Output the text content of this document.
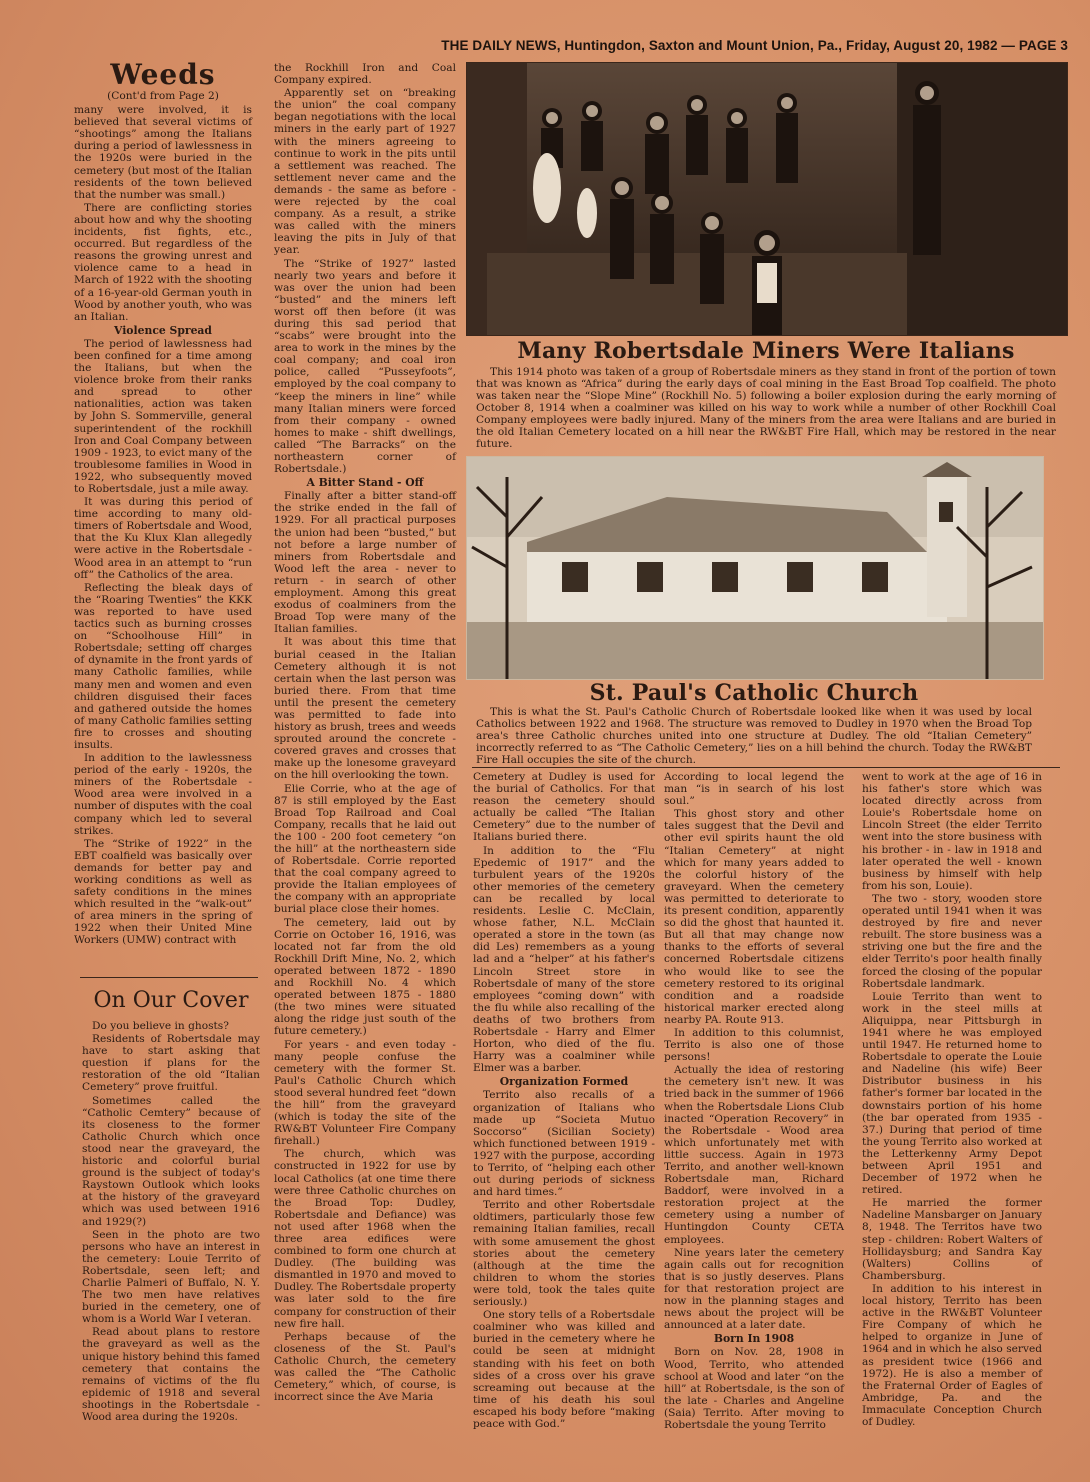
THE DAILY NEWS, Huntingdon, Saxton and Mount Union, Pa., Friday, August 20, 1982 — PAGE 3
Weeds
(Cont'd from Page 2)

many were involved, it is believed that several victims of “shootings” among the Italians during a period of lawlessness in the 1920s were buried in the cemetery (but most of the Italian residents of the town believed that the number was small.)

There are conflicting stories about how and why the shooting incidents, fist fights, etc., occurred. But regardless of the reasons the growing unrest and violence came to a head in March of 1922 with the shooting of a 16-year-old German youth in Wood by another youth, who was an Italian.

Violence Spread

The period of lawlessness had been confined for a time among the Italians, but when the violence broke from their ranks and spread to other nationalities, action was taken by John S. Sommerville, general superintendent of the rockhill Iron and Coal Company between 1909 - 1923, to evict many of the troublesome families in Wood in 1922, who subsequently moved to Robertsdale, just a mile away.

It was during this period of time according to many old-timers of Robertsdale and Wood, that the Ku Klux Klan allegedly were active in the Robertsdale - Wood area in an attempt to “run off” the Catholics of the area.

Reflecting the bleak days of the “Roaring Twenties” the KKK was reported to have used tactics such as burning crosses on “Schoolhouse Hill” in Robertsdale; setting off charges of dynamite in the front yards of many Catholic families, while many men and women and even children disguised their faces and gathered outside the homes of many Catholic families setting fire to crosses and shouting insults.

In addition to the lawlessness period of the early - 1920s, the miners of the Robertsdale - Wood area were involved in a number of disputes with the coal company which led to several strikes.

The “Strike of 1922” in the EBT coalfield was basically over demands for better pay and working conditions as well as safety conditions in the mines which resulted in the “walk-out” of area miners in the spring of 1922 when their United Mine Workers (UMW) contract with

On Our Cover

Do you believe in ghosts?

Residents of Robertsdale may have to start asking that question if plans for the restoration of the old “Italian Cemetery” prove fruitful.

Sometimes called the “Catholic Cemtery” because of its closeness to the former Catholic Church which once stood near the graveyard, the historic and colorful burial ground is the subject of today's Raystown Outlook which looks at the history of the graveyard which was used between 1916 and 1929(?)

Seen in the photo are two persons who have an interest in the cemetery: Louie Territo of Robertsdale, seen left; and Charlie Palmeri of Buffalo, N. Y. The two men have relatives buried in the cemetery, one of whom is a World War I veteran.

Read about plans to restore the graveyard as well as the unique history behind this famed cemetery that contains the remains of victims of the flu epidemic of 1918 and several shootings in the Robertsdale - Wood area during the 1920s.

the Rockhill Iron and Coal Company expired.

Apparently set on “breaking the union” the coal company began negotiations with the local miners in the early part of 1927 with the miners agreeing to continue to work in the pits until a settlement was reached. The settlement never came and the demands - the same as before - were rejected by the coal company. As a result, a strike was called with the miners leaving the pits in July of that year.

The “Strike of 1927” lasted nearly two years and before it was over the union had been “busted” and the miners left worst off then before (it was during this sad period that “scabs” were brought into the area to work in the mines by the coal company; and coal iron police, called “Pusseyfoots”, employed by the coal company to “keep the miners in line” while many Italian miners were forced from their company - owned homes to make - shift dwellings, called “The Barracks” on the northeastern corner of Robertsdale.)

A Bitter Stand - Off

Finally after a bitter stand-off the strike ended in the fall of 1929. For all practical purposes the union had been “busted,” but not before a large number of miners from Robertsdale and Wood left the area - never to return - in search of other employment. Among this great exodus of coalminers from the Broad Top were many of the Italian families.

It was about this time that burial ceased in the Italian Cemetery although it is not certain when the last person was buried there. From that time until the present the cemetery was permitted to fade into history as brush, trees and weeds sprouted around the concrete - covered graves and crosses that make up the lonesome graveyard on the hill overlooking the town.

Elie Corrie, who at the age of 87 is still employed by the East Broad Top Railroad and Coal Company, recalls that he laid out the 100 - 200 foot cemetery “on the hill” at the northeastern side of Robertsdale. Corrie reported that the coal company agreed to provide the Italian employees of the company with an appropriate burial place close their homes.

The cemetery, laid out by Corrie on October 16, 1916, was located not far from the old Rockhill Drift Mine, No. 2, which operated between 1872 - 1890 and Rockhill No. 4 which operated between 1875 - 1880 (the two mines were situated along the ridge just south of the future cemetery.)

For years - and even today - many people confuse the cemetery with the former St. Paul's Catholic Church which stood several hundred feet “down the hill” from the graveyard (which is today the site of the RW&BT Volunteer Fire Company firehall.)

The church, which was constructed in 1922 for use by local Catholics (at one time there were three Catholic churches on the Broad Top: Dudley, Robertsdale and Defiance) was not used after 1968 when the three area edifices were combined to form one church at Dudley. (The building was dismantled in 1970 and moved to Dudley. The Robertsdale property was later sold to the fire company for construction of their new fire hall.

Perhaps because of the closeness of the St. Paul's Catholic Church, the cemetery was called the “The Catholic Cemetery,” which, of course, is incorrect since the Ave Maria

Many Robertsdale Miners Were Italians

This 1914 photo was taken of a group of Robertsdale miners as they stand in front of the portion of town that was known as “Africa” during the early days of coal mining in the East Broad Top coalfield. The photo was taken near the “Slope Mine” (Rockhill No. 5) following a boiler explosion during the early morning of October 8, 1914 when a coalminer was killed on his way to work while a number of other Rockhill Coal Company employees were badly injured. Many of the miners from the area were Italians and are buried in the old Italian Cemetery located on a hill near the RW&BT Fire Hall, which may be restored in the near future.

St. Paul's Catholic Church

This is what the St. Paul's Catholic Church of Robertsdale looked like when it was used by local Catholics between 1922 and 1968. The structure was removed to Dudley in 1970 when the Broad Top area's three Catholic churches united into one structure at Dudley. The old “Italian Cemetery” incorrectly referred to as “The Catholic Cemetery,” lies on a hill behind the church. Today the RW&BT Fire Hall occupies the site of the church.

Cemetery at Dudley is used for the burial of Catholics. For that reason the cemetery should actually be called “The Italian Cemetery” due to the number of Italians buried there.

In addition to the “Flu Epedemic of 1917” and the turbulent years of the 1920s other memories of the cemetery can be recalled by local residents. Leslie C. McClain, whose father, N.L. McClain operated a store in the town (as did Les) remembers as a young lad and a “helper” at his father's Lincoln Street store in Robertsdale of many of the store employees “coming down” with the flu while also recalling of the deaths of two brothers from Robertsdale - Harry and Elmer Horton, who died of the flu. Harry was a coalminer while Elmer was a barber.

Organization Formed

Territo also recalls of a organization of Italians who made up “Societa Mutuo Soccorso” (Sicilian Society) which functioned between 1919 - 1927 with the purpose, according to Territo, of “helping each other out during periods of sickness and hard times.”

Territo and other Robertsdale oldtimers, particularly those few remaining Italian families, recall with some amusement the ghost stories about the cemetery (although at the time the children to whom the stories were told, took the tales quite seriously.)

One story tells of a Robertsdale coalminer who was killed and buried in the cemetery where he could be seen at midnight standing with his feet on both sides of a cross over his grave screaming out because at the time of his death his soul escaped his body before “making peace with God.”

According to local legend the man “is in search of his lost soul.”

This ghost story and other tales suggest that the Devil and other evil spirits haunt the old “Italian Cemetery” at night which for many years added to the colorful history of the graveyard. When the cemetery was permitted to deteriorate to its present condition, apparently so did the ghost that haunted it. But all that may change now thanks to the efforts of several concerned Robertsdale citizens who would like to see the cemetery restored to its original condition and a roadside historical marker erected along nearby PA. Route 913.

In addition to this columnist, Territo is also one of those persons!

Actually the idea of restoring the cemetery isn't new. It was tried back in the summer of 1966 when the Robertsdale Lions Club inacted “Operation Recovery” in the Robertsdale - Wood area which unfortunately met with little success. Again in 1973 Territo, and another well-known Robertsdale man, Richard Baddorf, were involved in a restoration project at the cemetery using a number of Huntingdon County CETA employees.

Nine years later the cemetery again calls out for recognition that is so justly deserves. Plans for that restoration project are now in the planning stages and news about the project will be announced at a later date.

Born In 1908

Born on Nov. 28, 1908 in Wood, Territo, who attended school at Wood and later “on the hill” at Robertsdale, is the son of the late - Charles and Angeline (Saia) Territo. After moving to Robertsdale the young Territo

went to work at the age of 16 in his father's store which was located directly across from Louie's Robertsdale home on Lincoln Street (the elder Territo went into the store business with his brother - in - law in 1918 and later operated the well - known business by himself with help from his son, Louie).

The two - story, wooden store operated until 1941 when it was destroyed by fire and never rebuilt. The store business was a striving one but the fire and the elder Territo's poor health finally forced the closing of the popular Robertsdale landmark.

Louie Territo than went to work in the steel mills at Aliquippa, near Pittsburgh in 1941 where he was employed until 1947. He returned home to Robertsdale to operate the Louie and Nadeline (his wife) Beer Distributor business in his father's former bar located in the downstairs portion of his home (the bar operated from 1935 - 37.) During that period of time the young Territo also worked at the Letterkenny Army Depot between April 1951 and December of 1972 when he retired.

He married the former Nadeline Mansbarger on January 8, 1948. The Territos have two step - children: Robert Walters of Hollidaysburg; and Sandra Kay (Walters) Collins of Chambersburg.

In addition to his interest in local history, Territo has been active in the RW&BT Volunteer Fire Company of which he helped to organize in June of 1964 and in which he also served as president twice (1966 and 1972). He is also a member of the Fraternal Order of Eagles of Ambridge, Pa. and the Immaculate Conception Church of Dudley.
